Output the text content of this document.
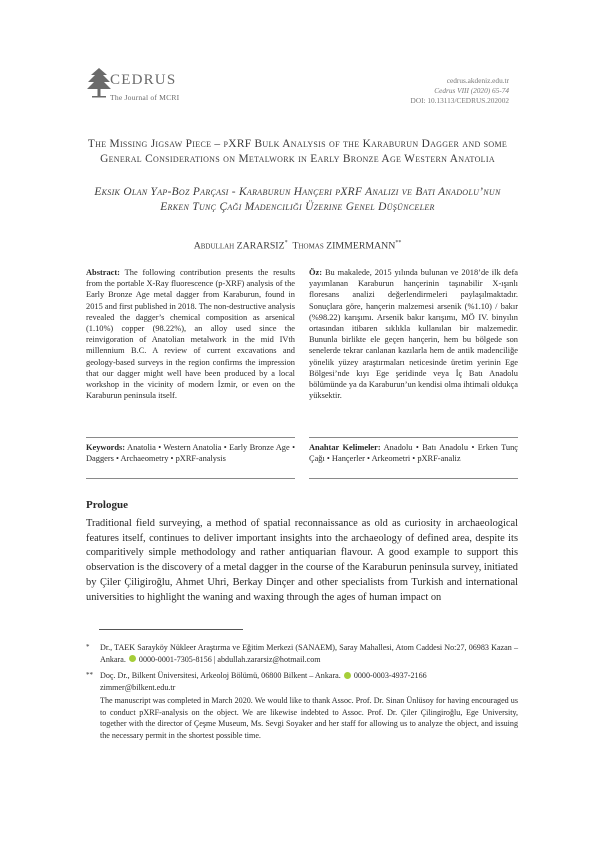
CEDRUS
The Journal of MCRI
cedrus.akdeniz.edu.tr
Cedrus VIII (2020) 65-74
DOI: 10.13113/CEDRUS.202002
The Missing Jigsaw Piece – pXRF Bulk Analysis of the Karaburun Dagger and some General Considerations on Metalwork in Early Bronze Age Western Anatolia
Eksik Olan Yap-Boz Parçası - Karaburun Hançeri pXRF Analizi ve Batı Anadolu’nun Erken Tunç Çağı Madenciliği Üzerine Genel Düşünceler
Abdullah ZARARSIZ* Thomas ZIMMERMANN**
Abstract: The following contribution presents the results from the portable X-Ray fluorescence (p-XRF) analysis of the Early Bronze Age metal dagger from Karaburun, found in 2015 and first published in 2018. The non-destructive analysis revealed the dagger’s chemical composition as arsenical (1.10%) copper (98.22%), an alloy used since the reinvigoration of Anatolian metalwork in the mid IVth millennium B.C. A review of current excavations and geology-based surveys in the region confirms the impression that our dagger might well have been produced by a local workshop in the vicinity of modern İzmir, or even on the Karaburun peninsula itself.
Öz: Bu makalede, 2015 yılında bulunan ve 2018’de ilk defa yayımlanan Karaburun hançerinin taşınabilir X-ışınlı floresans analizi değerlendirmeleri paylaşılmaktadır. Sonuçlara göre, hançerin malzemesi arsenik (%1.10) / bakır (%98.22) karışımı. Arsenik bakır karışımı, MÖ IV. binyılın ortasından itibaren sıklıkla kullanılan bir malzemedir. Bununla birlikte ele geçen hançerin, hem bu bölgede son senelerde tekrar canlanan kazılarla hem de antik madenciliğe yönelik yüzey araştırmaları neticesinde üretim yerinin Ege Bölgesi’nde kıyı Ege şeridinde veya İç Batı Anadolu bölümünde ya da Karaburun’un kendisi olma ihtimali oldukça yüksektir.
Keywords: Anatolia • Western Anatolia • Early Bronze Age • Daggers • Archaeometry • pXRF-analysis
Anahtar Kelimeler: Anadolu • Batı Anadolu • Erken Tunç Çağı • Hançerler • Arkeometri • pXRF-analiz
Prologue
Traditional field surveying, a method of spatial reconnaissance as old as curiosity in archaeological features itself, continues to deliver important insights into the archaeology of defined area, despite its comparitively simple methodology and rather antiquarian flavour. A good example to support this observation is the discovery of a metal dagger in the course of the Karaburun peninsula survey, initiated by Çiler Çiligiroğlu, Ahmet Uhri, Berkay Dinçer and other specialists from Turkish and international universities to highlight the waning and waxing through the ages of human impact on
* Dr., TAEK Sarayköy Nükleer Araştırma ve Eğitim Merkezi (SANAEM), Saray Mahallesi, Atom Caddesi No:27, 06983 Kazan – Ankara. 0000-0001-7305-8156 | abdullah.zararsiz@hotmail.com
** Doç. Dr., Bilkent Üniversitesi, Arkeoloj Bölümü, 06800 Bilkent – Ankara. 0000-0003-4937-2166
zimmer@bilkent.edu.tr
The manuscript was completed in March 2020. We would like to thank Assoc. Prof. Dr. Sinan Ünlüsoy for having encouraged us to conduct pXRF-analysis on the object. We are likewise indebted to Assoc. Prof. Dr. Çiler Çilingiroğlu, Ege University, together with the director of Çeşme Museum, Ms. Sevgi Soyaker and her staff for allowing us to analyze the object, and issuing the necessary permit in the shortest possible time.
